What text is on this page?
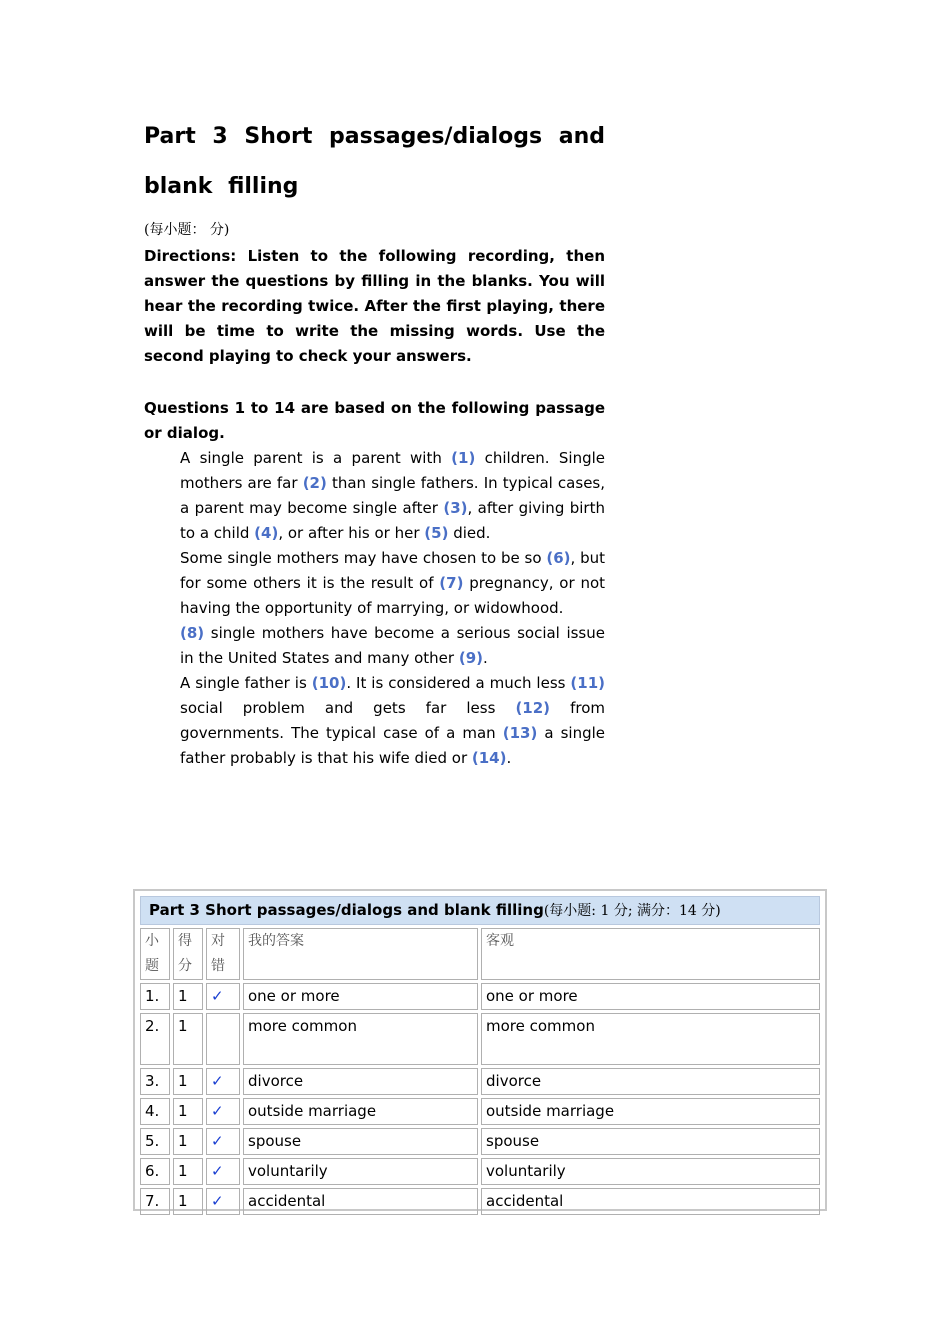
Part 3 Short passages/dialogs and blank filling
(每小题： 分)
Directions: Listen to the following recording, then answer the questions by filling in the blanks. You will hear the recording twice. After the first playing, there will be time to write the missing words. Use the second playing to check your answers.
Questions 1 to 14 are based on the following passage or dialog.

A single parent is a parent with (1) children. Single mothers are far (2) than single fathers. In typical cases, a parent may become single after (3), after giving birth to a child (4), or after his or her (5) died.

Some single mothers may have chosen to be so (6), but for some others it is the result of (7) pregnancy, or not having the opportunity of marrying, or widowhood.

(8) single mothers have become a serious social issue in the United States and many other (9).

A single father is (10). It is considered a much less (11) social problem and gets far less (12) from governments. The typical case of a man (13) a single father probably is that his wife died or (14).

Part 3 Short passages/dialogs and blank filling(每小题: 1 分; 满分：14 分)				
小题	得分	对错	我的答案	客观
1.	1	✓	one or more	one or more
2.	1		more common	more common
3.	1	✓	divorce	divorce
4.	1	✓	outside marriage	outside marriage
5.	1	✓	spouse	spouse
6.	1	✓	voluntarily	voluntarily
7.	1	✓	accidental	accidental
